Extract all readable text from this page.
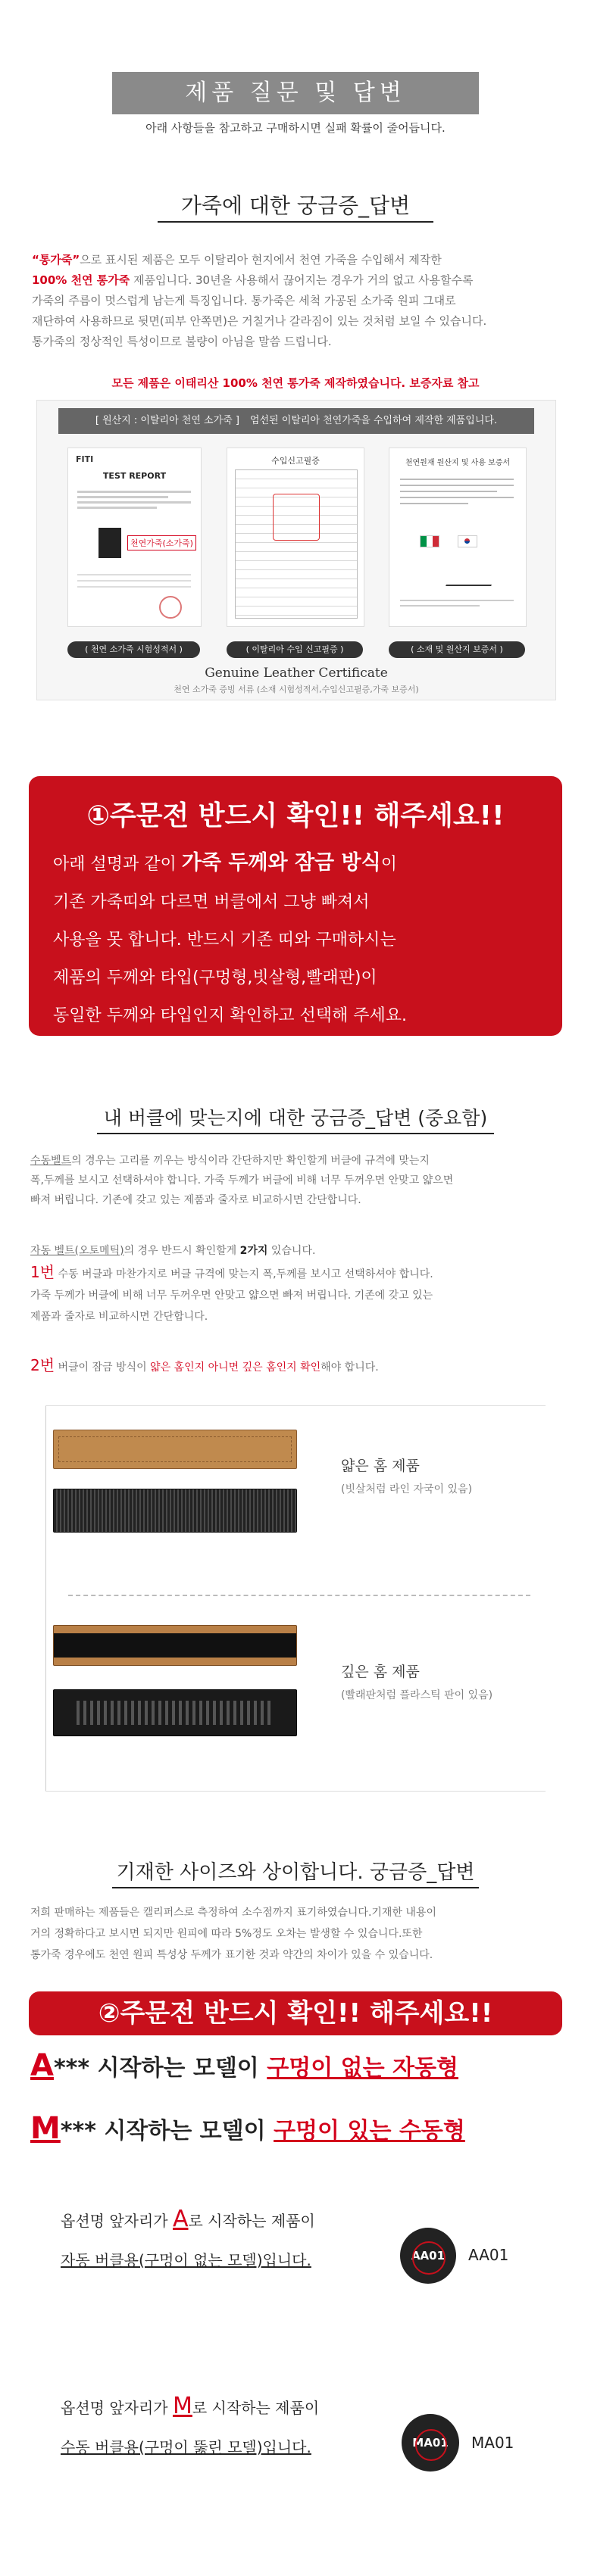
제품 질문 및 답변
아래 사항들을 참고하고 구매하시면 실패 확률이 줄어듭니다.
가죽에 대한 궁금증_답변
“통가죽”으로 표시된 제품은 모두 이탈리아 현지에서 천연 가죽을 수입해서 제작한
100% 천연 통가죽 제품입니다. 30년을 사용해서 끊어지는 경우가 거의 없고 사용할수록
가죽의 주름이 멋스럽게 남는게 특징입니다. 통가죽은 세척 가공된 소가죽 원피 그대로
재단하여 사용하므로 뒷면(피부 안쪽면)은 거칠거나 갈라짐이 있는 것처럼 보일 수 있습니다.
통가죽의 정상적인 특성이므로 불량이 아님을 말씀 드립니다.
모든 제품은 이태리산 100% 천연 통가죽 제작하였습니다. 보증자료 참고
[ 원산지 : 이탈리아 천연 소가죽 ] 엄선된 이탈리아 천연가죽을 수입하여 제작한 제품입니다.
FITI
TEST REPORT
천연가죽(소가죽)
수입신고필증	천연원재 원산지 및 사용 보증서
( 천연 소가죽 시험성적서 )	( 이탈리아 수입 신고필증 )	( 소재 및 원산지 보증서 )
Genuine Leather Certificate
천연 소가죽 증빙 서류 (소재 시험성적서,수입신고필증,가죽 보증서)
①주문전 반드시 확인!! 해주세요!!
아래 설명과 같이 가죽 두께와 잠금 방식이
기존 가죽띠와 다르면 버클에서 그냥 빠져서
사용을 못 합니다. 반드시 기존 띠와 구매하시는
제품의 두께와 타입(구멍형,빗살형,빨래판)이
동일한 두께와 타입인지 확인하고 선택해 주세요.
내 버클에 맞는지에 대한 궁금증_답변 (중요함)
수동벨트의 경우는 고리를 끼우는 방식이라 간단하지만 확인할게 버클에 규격에 맞는지
폭,두께를 보시고 선택하셔야 합니다. 가죽 두께가 버클에 비해 너무 두꺼우면 안맞고 얇으면
빠져 버립니다. 기존에 갖고 있는 제품과 줄자로 비교하시면 간단합니다.
자동 벨트(오토메틱)의 경우 반드시 확인할게 2가지 있습니다.
1번 수동 버클과 마찬가지로 버클 규격에 맞는지 폭,두께를 보시고 선택하셔야 합니다.
가죽 두께가 버클에 비해 너무 두꺼우면 안맞고 얇으면 빠져 버립니다. 기존에 갖고 있는
제품과 줄자로 비교하시면 간단합니다.
2번 버클이 잠금 방식이 얇은 홈인지 아니면 깊은 홈인지 확인해야 합니다.
얇은 홈 제품
(빗살처럼 라인 자국이 있음)
깊은 홈 제품
(빨래판처럼 플라스틱 판이 있음)
기재한 사이즈와 상이합니다. 궁금증_답변
저희 판매하는 제품들은 캘리퍼스로 측정하여 소수점까지 표기하였습니다.기재한 내용이
거의 정확하다고 보시면 되지만 원피에 따라 5%정도 오차는 발생할 수 있습니다.또한
통가죽 경우에도 천연 원피 특성상 두께가 표기한 것과 약간의 차이가 있을 수 있습니다.
②주문전 반드시 확인!! 해주세요!!
A*** 시작하는 모델이 구멍이 없는 자동형
M*** 시작하는 모델이 구멍이 있는 수동형
옵션명 앞자리가 A로 시작하는 제품이
자동 버클용(구멍이 없는 모델)입니다.	AA01	AA01
옵션명 앞자리가 M로 시작하는 제품이
수동 버클용(구멍이 뚫린 모델)입니다.	MA01	MA01
